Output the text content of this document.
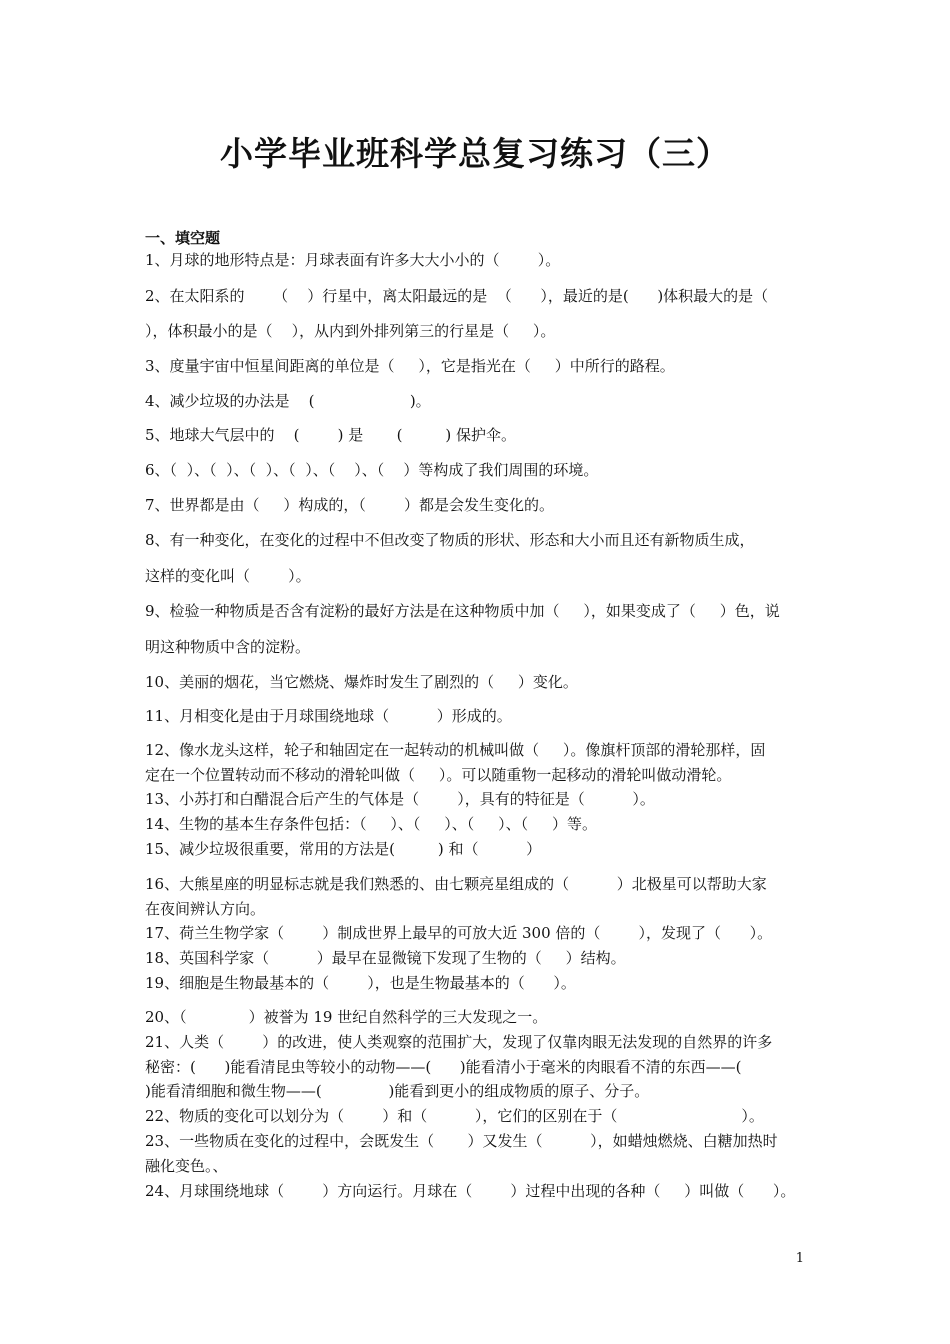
小学毕业班科学总复习练习（三）
一、填空题
1、月球的地形特点是：月球表面有许多大大小小的（        ）。
2、在太阳系的      （    ）行星中，离太阳最远的是  （      ），最近的是(      )体积最大的是（
），体积最小的是（    ），从内到外排列第三的行星是（     ）。
3、度量宇宙中恒星间距离的单位是（     ），它是指光在（     ）中所行的路程。
4、减少垃圾的办法是    (                    )。
5、地球大气层中的    (        ) 是       (         ) 保护伞。
6、（  ）、（  ）、（  ）、（  ）、（    ）、（    ）等构成了我们周围的环境。
7、世界都是由（     ）构成的，（        ）都是会发生变化的。
8、有一种变化，在变化的过程中不但改变了物质的形状、形态和大小而且还有新物质生成，
这样的变化叫（        ）。
9、检验一种物质是否含有淀粉的最好方法是在这种物质中加（     ），如果变成了（     ）色，说
明这种物质中含的淀粉。
10、美丽的烟花，当它燃烧、爆炸时发生了剧烈的（     ）变化。
11、月相变化是由于月球围绕地球（          ）形成的。
12、像水龙头这样，轮子和轴固定在一起转动的机械叫做（     ）。像旗杆顶部的滑轮那样，固
定在一个位置转动而不移动的滑轮叫做（     ）。可以随重物一起移动的滑轮叫做动滑轮。
13、小苏打和白醋混合后产生的气体是（        ），具有的特征是（          ）。
14、生物的基本生存条件包括：（     ）、（     ）、（     ）、（     ）等。
15、减少垃圾很重要，常用的方法是(         ) 和（          ）
16、大熊星座的明显标志就是我们熟悉的、由七颗亮星组成的（          ）北极星可以帮助大家
在夜间辨认方向。
17、荷兰生物学家（        ）制成世界上最早的可放大近 300 倍的（        ），发现了（      ）。
18、英国科学家（          ）最早在显微镜下发现了生物的（     ）结构。
19、细胞是生物最基本的（        ），也是生物最基本的（      ）。
20、（             ）被誉为 19 世纪自然科学的三大发现之一。
21、人类（        ）的改进，使人类观察的范围扩大，发现了仅靠肉眼无法发现的自然界的许多
秘密：(      )能看清昆虫等较小的动物——(      )能看清小于毫米的肉眼看不清的东西——(
)能看清细胞和微生物——(              )能看到更小的组成物质的原子、分子。
22、物质的变化可以划分为（        ）和（          ），它们的区别在于（                          ）。
23、一些物质在变化的过程中，会既发生（       ）又发生（          ），如蜡烛燃烧、白糖加热时
融化变色。、
24、月球围绕地球（        ）方向运行。月球在（        ）过程中出现的各种（     ）叫做（      ）。
1
